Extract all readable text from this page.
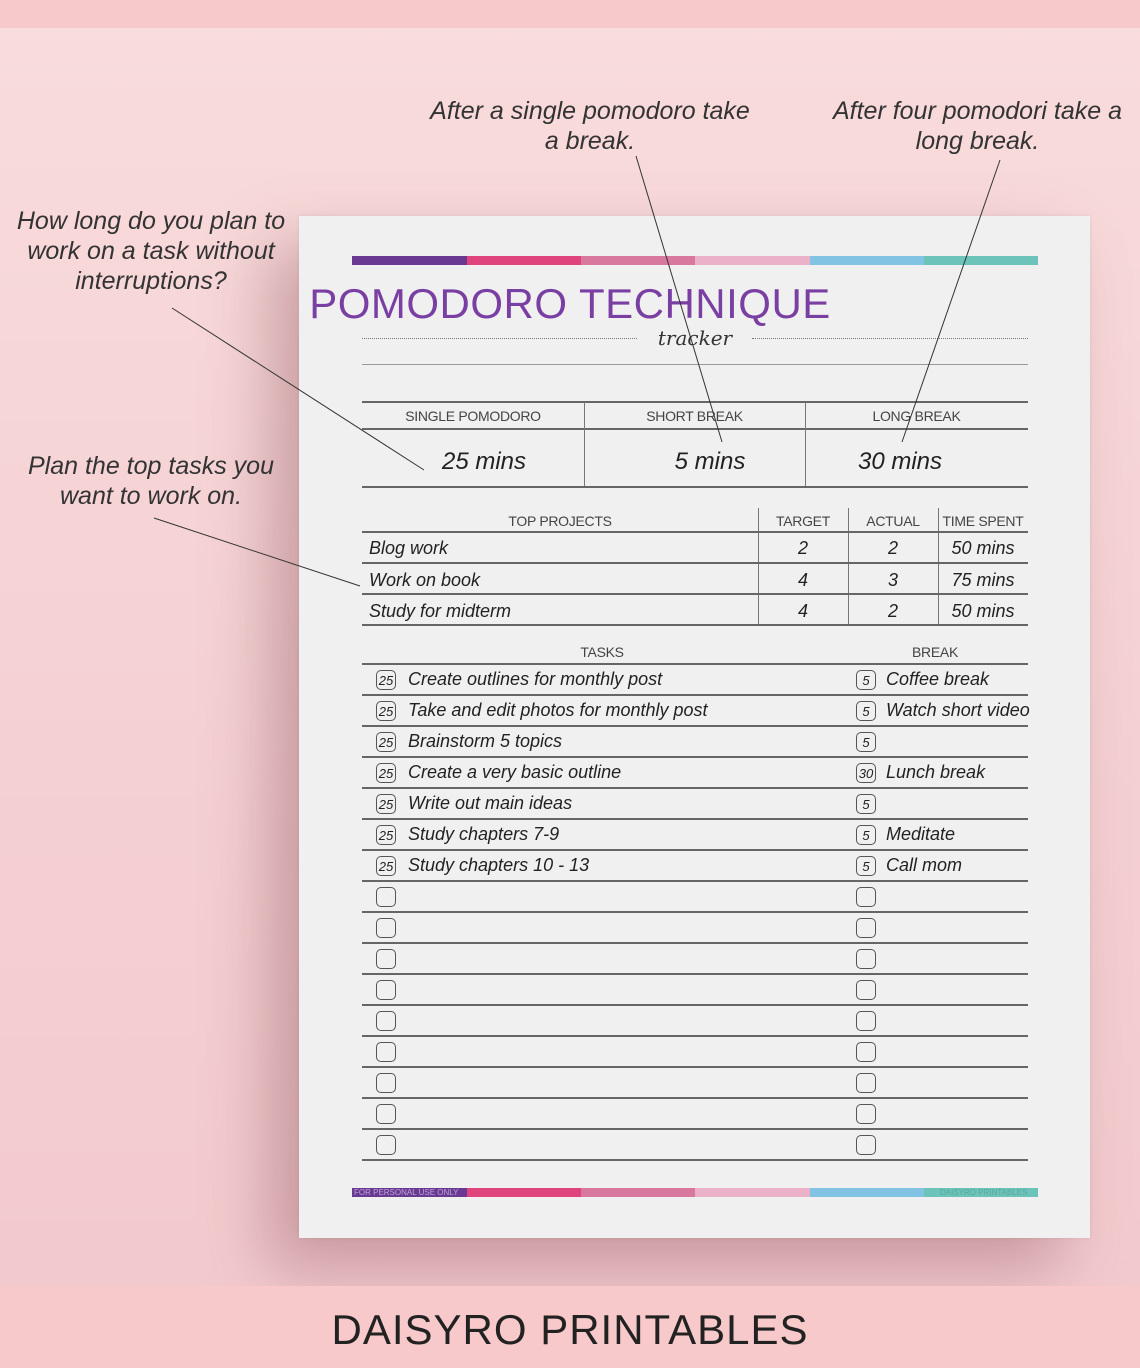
POMODORO TECHNIQUE
tracker
SINGLE POMODORO	SHORT BREAK	LONG BREAK
25 mins	5 mins	30 mins
TOP PROJECTS	TARGET	ACTUAL	TIME SPENT
Blog work	2	2	50 mins
Work on book	4	3	75 mins
Study for midterm	4	2	50 mins
TASKS	BREAK
25 Create outlines for monthly post	5 Coffee break
25 Take and edit photos for monthly post	5 Watch short video
25 Brainstorm 5 topics	5
25 Create a very basic outline	30 Lunch break
25 Write out main ideas	5
25 Study chapters 7-9	5 Meditate
25 Study chapters 10 - 13	5 Call mom
FOR PERSONAL USE ONLY	DAISYRO PRINTABLES
After a single pomodoro take a break.
After four pomodori take a long break.
How long do you plan to work on a task without interruptions?
Plan the top tasks you want to work on.
DAISYRO PRINTABLES
